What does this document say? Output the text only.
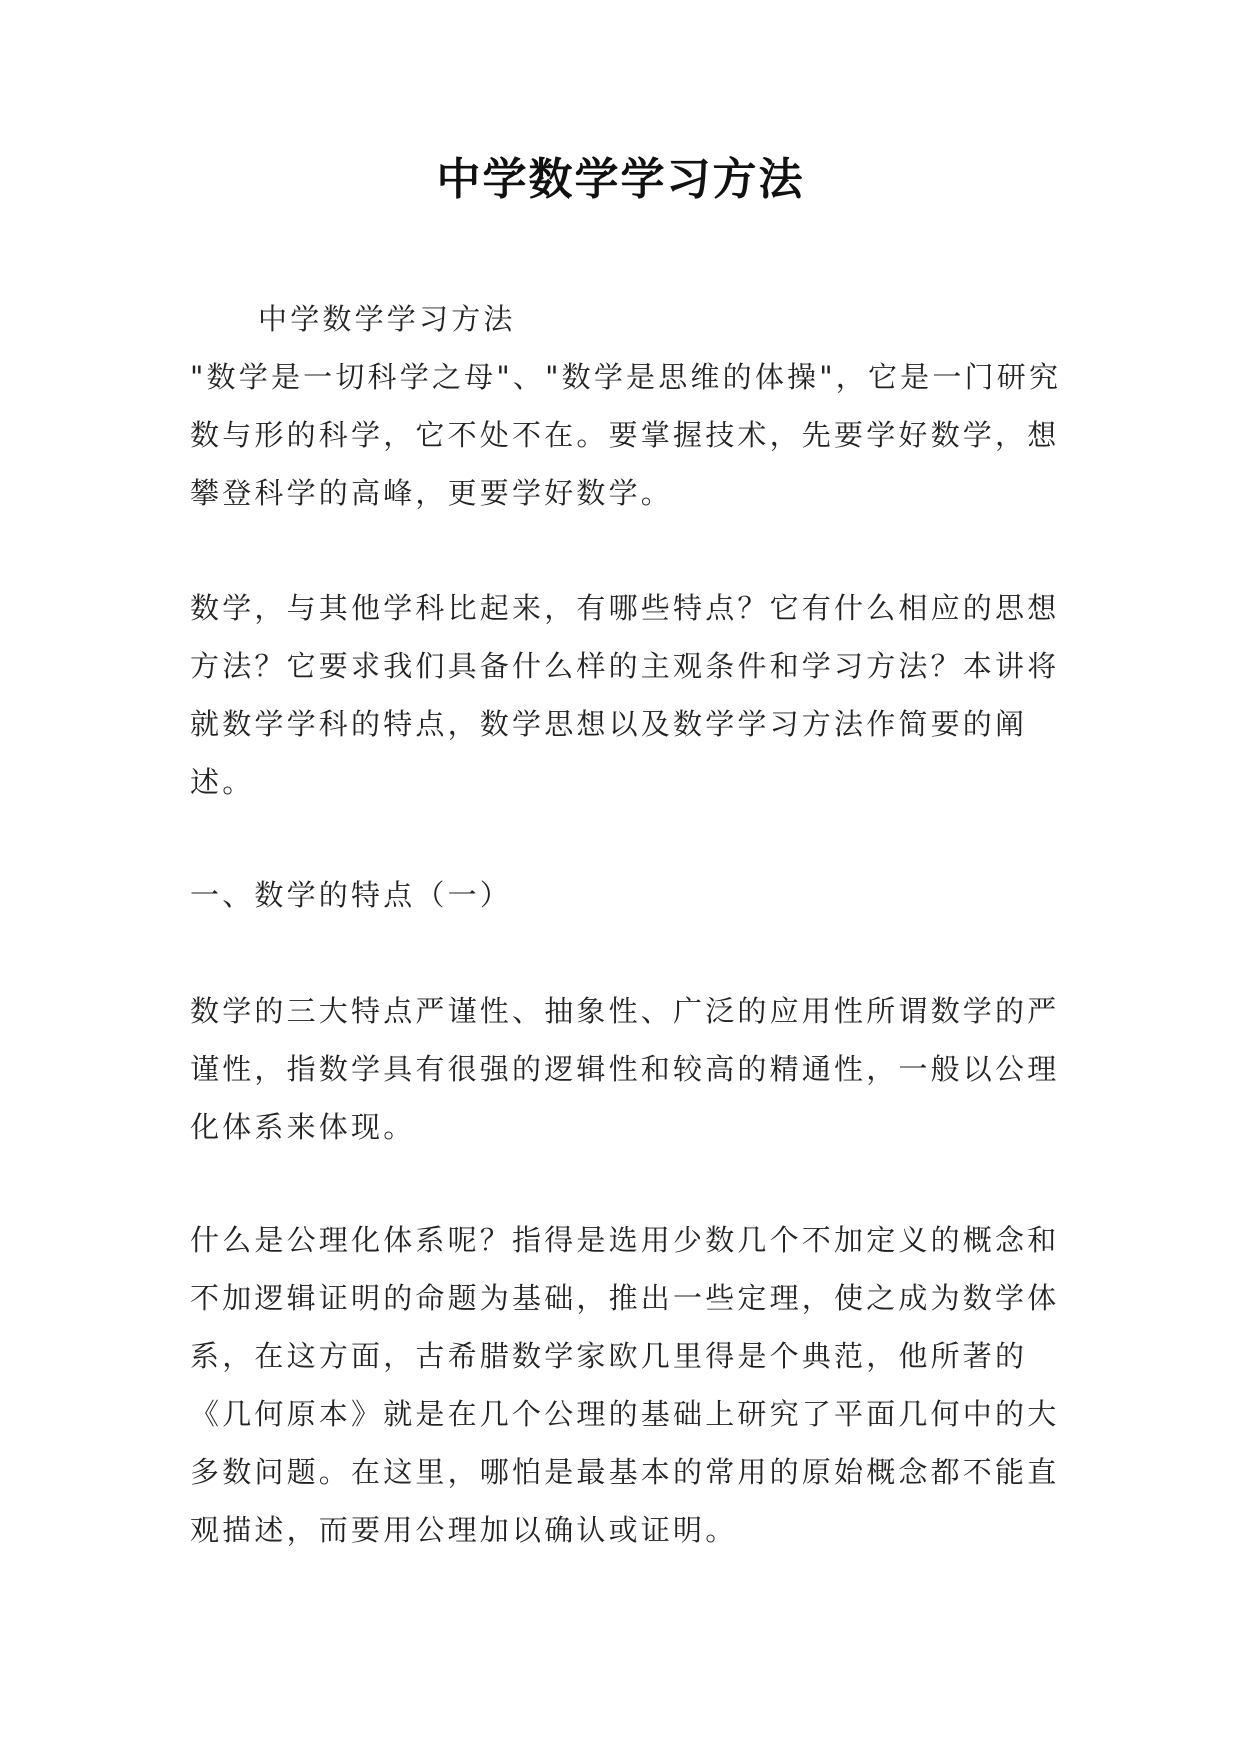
中学数学学习方法

中学数学学习方法

"数学是一切科学之母"、"数学是思维的体操"，它是一门研究数与形的科学，它不处不在。要掌握技术，先要学好数学，想攀登科学的高峰，更要学好数学。

数学，与其他学科比起来，有哪些特点？它有什么相应的思想方法？它要求我们具备什么样的主观条件和学习方法？本讲将就数学学科的特点，数学思想以及数学学习方法作简要的阐述。

一、数学的特点（一）

数学的三大特点严谨性、抽象性、广泛的应用性所谓数学的严谨性，指数学具有很强的逻辑性和较高的精通性，一般以公理化体系来体现。

什么是公理化体系呢？指得是选用少数几个不加定义的概念和不加逻辑证明的命题为基础，推出一些定理，使之成为数学体系，在这方面，古希腊数学家欧几里得是个典范，他所著的《几何原本》就是在几个公理的基础上研究了平面几何中的大多数问题。在这里，哪怕是最基本的常用的原始概念都不能直观描述，而要用公理加以确认或证明。
